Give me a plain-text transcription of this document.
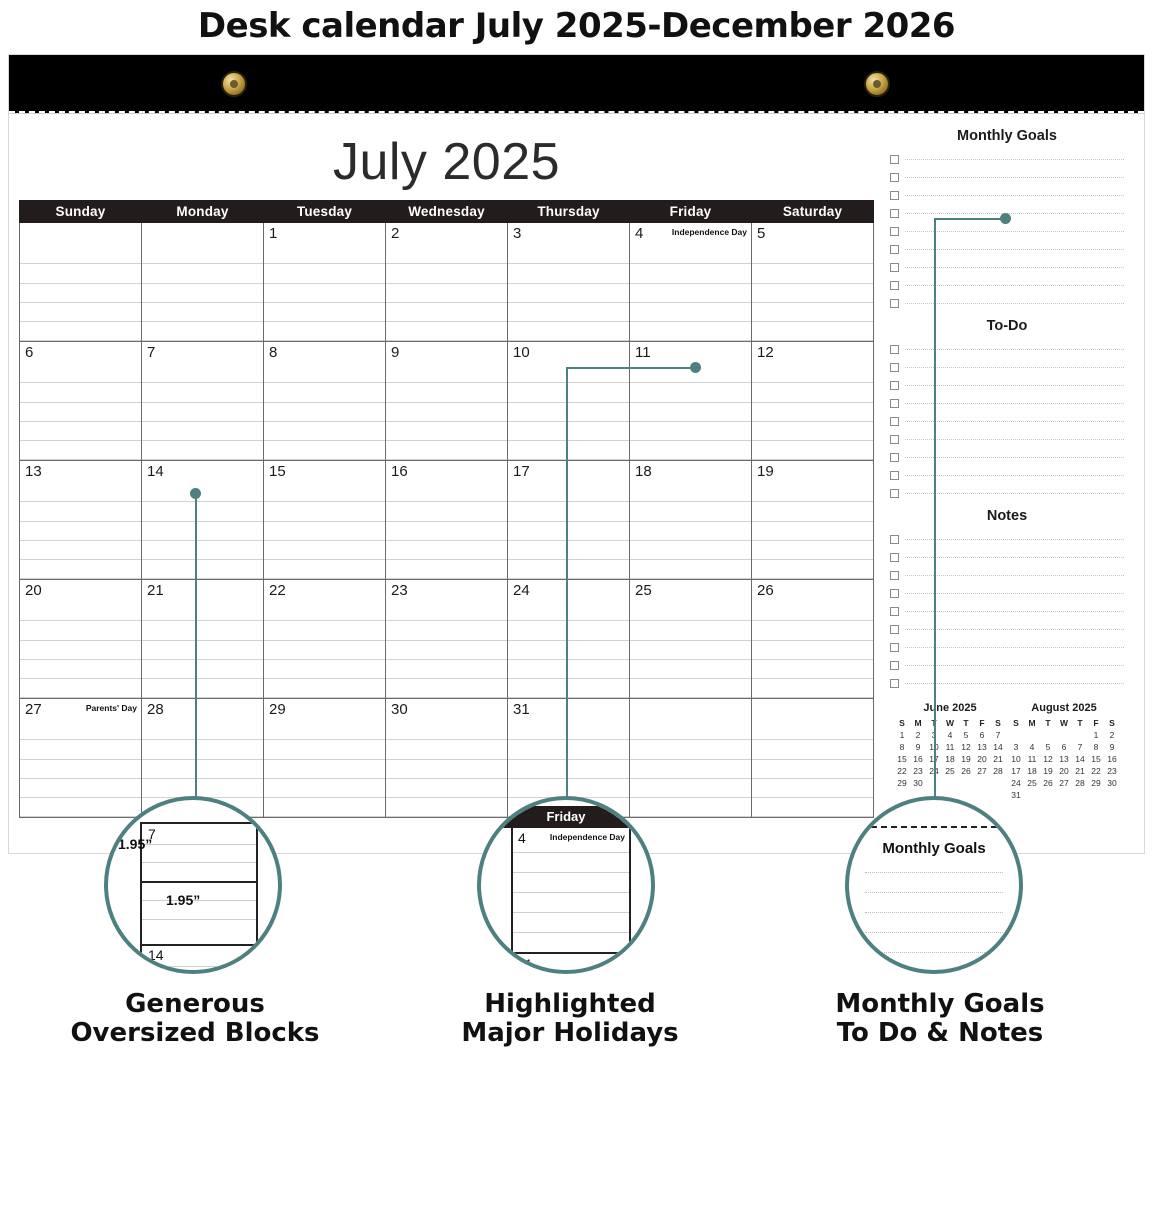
Desk calendar July 2025-December 2026
July 2025
Sunday	Monday	Tuesday	Wednesday	Thursday	Friday	Saturday

		1	2	3	4 Independence Day	5

6	7	8	9	10	11	12

13	14	15	16	17	18	19

20	21	22	23	24	25	26

27 Parents' Day	28	29	30	31		

Monthly Goals
To-Do
Notes
June 2025
S	M	T	W	T	F	S
1	2	3	4	5	6	7
8	9	10	11	12	13	14
15	16	17	18	19	20	21
22	23	24	25	26	27	28
29	30					
August 2025
S	M	T	W	T	F	S
					1	2
3	4	5	6	7	8	9
10	11	12	13	14	15	16
17	18	19	20	21	22	23
24	25	26	27	28	29	30
31						
7
14
1.95”
1.95”
Generous
Oversized Blocks
Friday
4	Independence Day
11
Highlighted
Major Holidays
Monthly Goals
Monthly Goals
To Do & Notes
